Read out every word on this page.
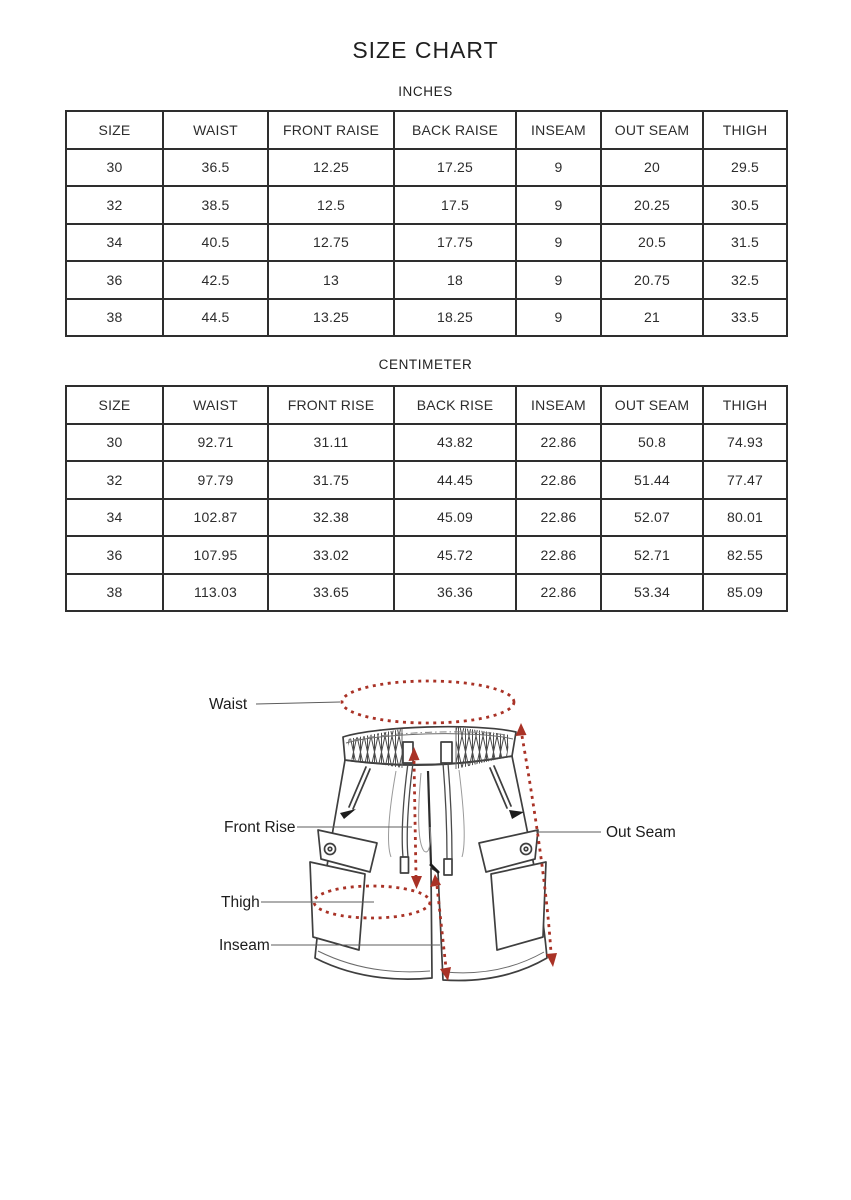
SIZE CHART
INCHES
SIZE	WAIST	FRONT RAISE	BACK RAISE	INSEAM	OUT SEAM	THIGH
30	36.5	12.25	17.25	9	20	29.5
32	38.5	12.5	17.5	9	20.25	30.5
34	40.5	12.75	17.75	9	20.5	31.5
36	42.5	13	18	9	20.75	32.5
38	44.5	13.25	18.25	9	21	33.5
CENTIMETER
SIZE	WAIST	FRONT RISE	BACK RISE	INSEAM	OUT SEAM	THIGH
30	92.71	31.11	43.82	22.86	50.8	74.93
32	97.79	31.75	44.45	22.86	51.44	77.47
34	102.87	32.38	45.09	22.86	52.07	80.01
36	107.95	33.02	45.72	22.86	52.71	82.55
38	113.03	33.65	36.36	22.86	53.34	85.09
Waist
Front Rise	Out Seam
Thigh
Inseam
